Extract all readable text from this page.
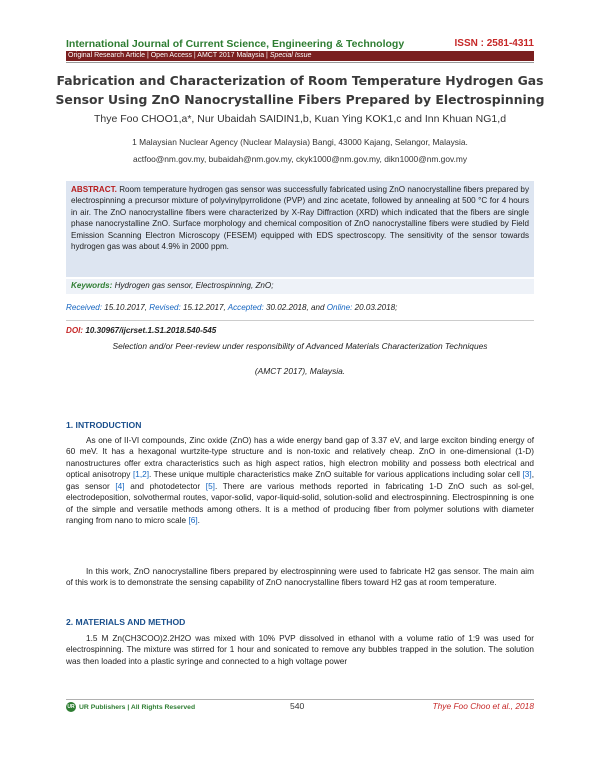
International Journal of Current Science, Engineering & Technology	ISSN : 2581-4311
Original Research Article | Open Access | AMCT 2017 Malaysia | Special Issue
Fabrication and Characterization of Room Temperature Hydrogen Gas Sensor Using ZnO Nanocrystalline Fibers Prepared by Electrospinning
Thye Foo CHOO1,a*, Nur Ubaidah SAIDIN1,b, Kuan Ying KOK1,c and Inn Khuan NG1,d
1 Malaysian Nuclear Agency (Nuclear Malaysia) Bangi, 43000 Kajang, Selangor, Malaysia.
actfoo@nm.gov.my, bubaidah@nm.gov.my, ckyk1000@nm.gov.my, dikn1000@nm.gov.my
ABSTRACT. Room temperature hydrogen gas sensor was successfully fabricated using ZnO nanocrystalline fibers prepared by electrospinning a precursor mixture of polyvinylpyrrolidone (PVP) and zinc acetate, followed by annealing at 500 °C for 4 hours in air. The ZnO nanocrystalline fibers were characterized by X-Ray Diffraction (XRD) which indicated that the fibers are single phase nanocrystalline ZnO. Surface morphology and chemical composition of ZnO nanocrystalline fibers were studied by Field Emission Scanning Electron Microscopy (FESEM) equipped with EDS spectroscopy. The sensitivity of the sensor towards hydrogen gas was about 4.9% in 2000 ppm.
Keywords: Hydrogen gas sensor, Electrospinning, ZnO;
Received: 15.10.2017, Revised: 15.12.2017, Accepted: 30.02.2018, and Online: 20.03.2018;
DOI: 10.30967/ijcrset.1.S1.2018.540-545
Selection and/or Peer-review under responsibility of Advanced Materials Characterization Techniques
(AMCT 2017), Malaysia.
1. INTRODUCTION
As one of II-VI compounds, Zinc oxide (ZnO) has a wide energy band gap of 3.37 eV, and large exciton binding energy of 60 meV. It has a hexagonal wurtzite-type structure and is non-toxic and relatively cheap. ZnO in one-dimensional (1-D) nanostructures offer extra characteristics such as high aspect ratios, high electron mobility and possess both electrical and optical anisotropy [1,2]. These unique multiple characteristics make ZnO suitable for various applications including solar cell [3], gas sensor [4] and photodetector [5]. There are various methods reported in fabricating 1-D ZnO such as sol-gel, electrodeposition, solvothermal routes, vapor-solid, vapor-liquid-solid, solution-solid and electrospinning. Electrospinning is one of the simple and versatile methods among others. It is a method of producing fiber from polymer solutions with diameter ranging from nano to micro scale [6].
In this work, ZnO nanocrystalline fibers prepared by electrospinning were used to fabricate H2 gas sensor. The main aim of this work is to demonstrate the sensing capability of ZnO nanocrystalline fibers toward H2 gas at room temperature.
2. MATERIALS AND METHOD
1.5 M Zn(CH3COO)2.2H2O was mixed with 10% PVP dissolved in ethanol with a volume ratio of 1:9 was used for electrospinning. The mixture was stirred for 1 hour and sonicated to remove any bubbles trapped in the solution. The solution was then loaded into a plastic syringe and connected to a high voltage power
UR UR Publishers | All Rights Reserved	540	Thye Foo Choo et al., 2018
